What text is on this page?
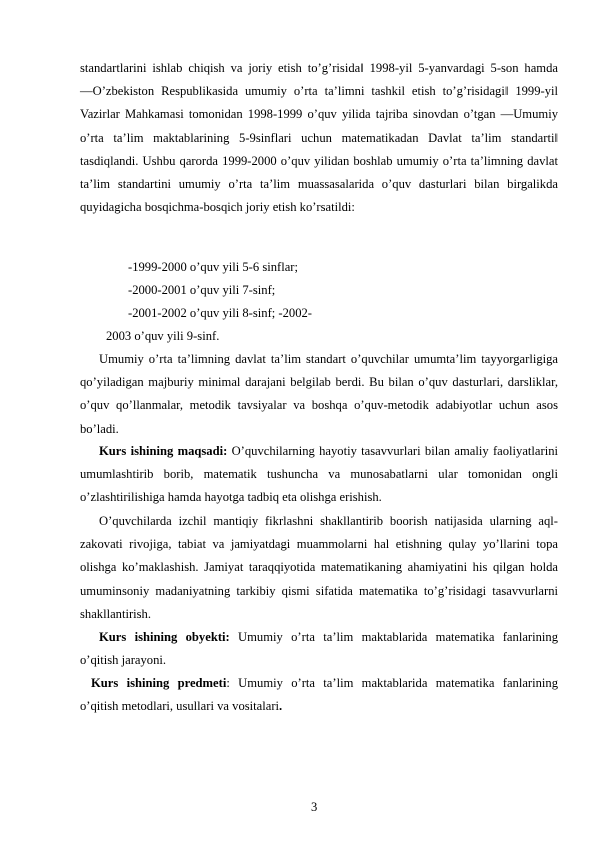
standartlarini ishlab chiqish va joriy etish to’g’risida‖ 1998-yil 5-yanvardagi 5-son hamda ―O’zbekiston Respublikasida umumiy o’rta ta’limni tashkil etish to’g’risidagi‖ 1999-yil Vazirlar Mahkamasi tomonidan 1998-1999 o’quv yilida tajriba sinovdan o’tgan ―Umumiy o’rta ta’lim maktablarining 5-9sinflari uchun matematikadan Davlat ta’lim standarti‖ tasdiqlandi. Ushbu qarorda 1999-2000 o’quv yilidan boshlab umumiy o’rta ta’limning davlat ta’lim standartini umumiy o’rta ta’lim muassasalarida o’quv dasturlari bilan birgalikda quyidagicha bosqichma-bosqich joriy etish ko’rsatildi:

-1999-2000 o’quv yili 5-6 sinflar;

-2000-2001 o’quv yili 7-sinf;

-2001-2002 o’quv yili 8-sinf; -2002-

2003 o’quv yili 9-sinf.

Umumiy o’rta ta’limning davlat ta’lim standart o’quvchilar umumta’lim tayyorgarligiga qo’yiladigan majburiy minimal darajani belgilab berdi. Bu bilan o’quv dasturlari, darsliklar, o’quv qo’llanmalar, metodik tavsiyalar va boshqa o’quv-metodik adabiyotlar uchun asos bo’ladi.

Kurs ishining maqsadi: O’quvchilarning hayotiy tasavvurlari bilan amaliy faoliyatlarini umumlashtirib borib, matematik tushuncha va munosabatlarni ular tomonidan ongli o’zlashtirilishiga hamda hayotga tadbiq eta olishga erishish.

O’quvchilarda izchil mantiqiy fikrlashni shakllantirib boorish natijasida ularning aql-zakovati rivojiga, tabiat va jamiyatdagi muammolarni hal etishning qulay yo’llarini topa olishga ko’maklashish. Jamiyat taraqqiyotida matematikaning ahamiyatini his qilgan holda umuminsoniy madaniyatning tarkibiy qismi sifatida matematika to’g’risidagi tasavvurlarni shakllantirish.

Kurs ishining obyekti: Umumiy o’rta ta’lim maktablarida matematika fanlarining o’qitish jarayoni.

Kurs ishining predmeti: Umumiy o’rta ta’lim maktablarida matematika fanlarining o’qitish metodlari, usullari va vositalari.

3
